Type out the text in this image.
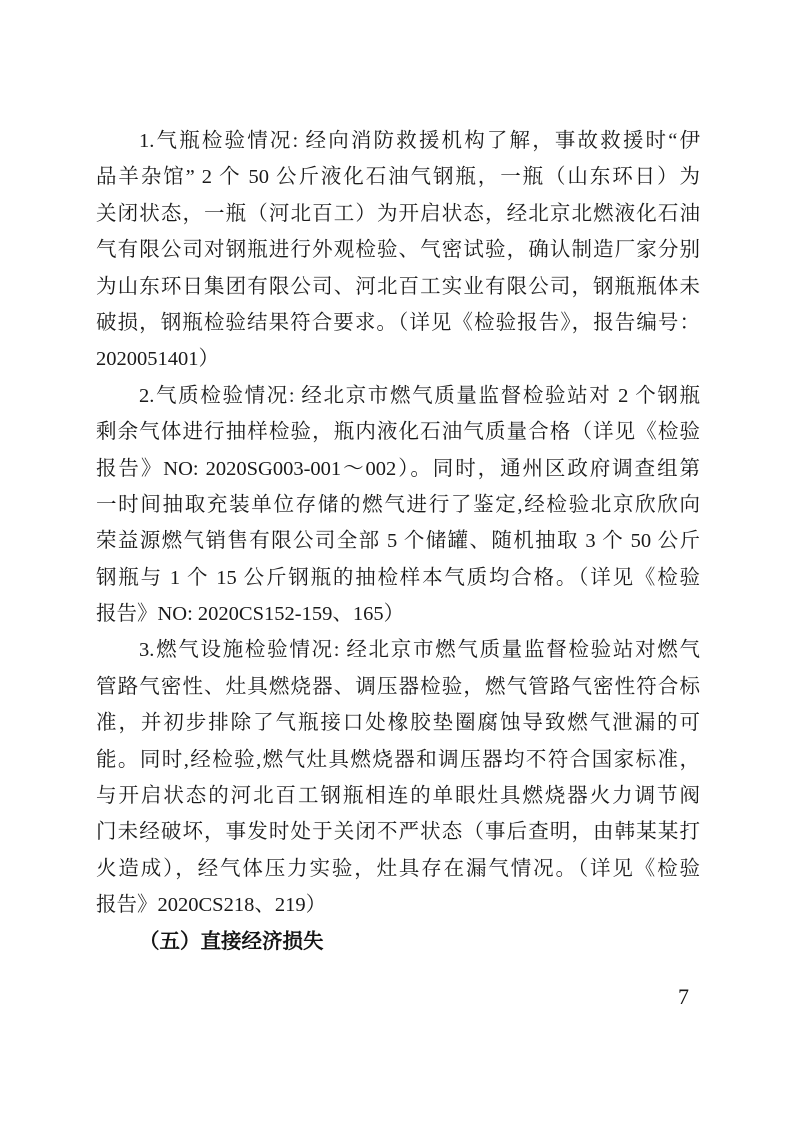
1.气瓶检验情况: 经向消防救援机构了解，事故救援时“伊
品羊杂馆” 2 个 50 公斤液化石油气钢瓶，一瓶（山东环日）为
关闭状态，一瓶（河北百工）为开启状态，经北京北燃液化石油
气有限公司对钢瓶进行外观检验、气密试验，确认制造厂家分别
为山东环日集团有限公司、河北百工实业有限公司，钢瓶瓶体未
破损，钢瓶检验结果符合要求。（详见《检验报告》，报告编号：
2020051401）
2.气质检验情况: 经北京市燃气质量监督检验站对 2 个钢瓶
剩余气体进行抽样检验，瓶内液化石油气质量合格（详见《检验
报告》NO: 2020SG003-001～002）。同时，通州区政府调查组第
一时间抽取充装单位存储的燃气进行了鉴定,经检验北京欣欣向
荣益源燃气销售有限公司全部 5 个储罐、随机抽取 3 个 50 公斤
钢瓶与 1 个 15 公斤钢瓶的抽检样本气质均合格。（详见《检验
报告》NO: 2020CS152-159、165）
3.燃气设施检验情况: 经北京市燃气质量监督检验站对燃气
管路气密性、灶具燃烧器、调压器检验，燃气管路气密性符合标
准，并初步排除了气瓶接口处橡胶垫圈腐蚀导致燃气泄漏的可
能。同时,经检验,燃气灶具燃烧器和调压器均不符合国家标准，
与开启状态的河北百工钢瓶相连的单眼灶具燃烧器火力调节阀
门未经破坏，事发时处于关闭不严状态（事后查明，由韩某某打
火造成），经气体压力实验，灶具存在漏气情况。（详见《检验
报告》2020CS218、219）
（五）直接经济损失
7
